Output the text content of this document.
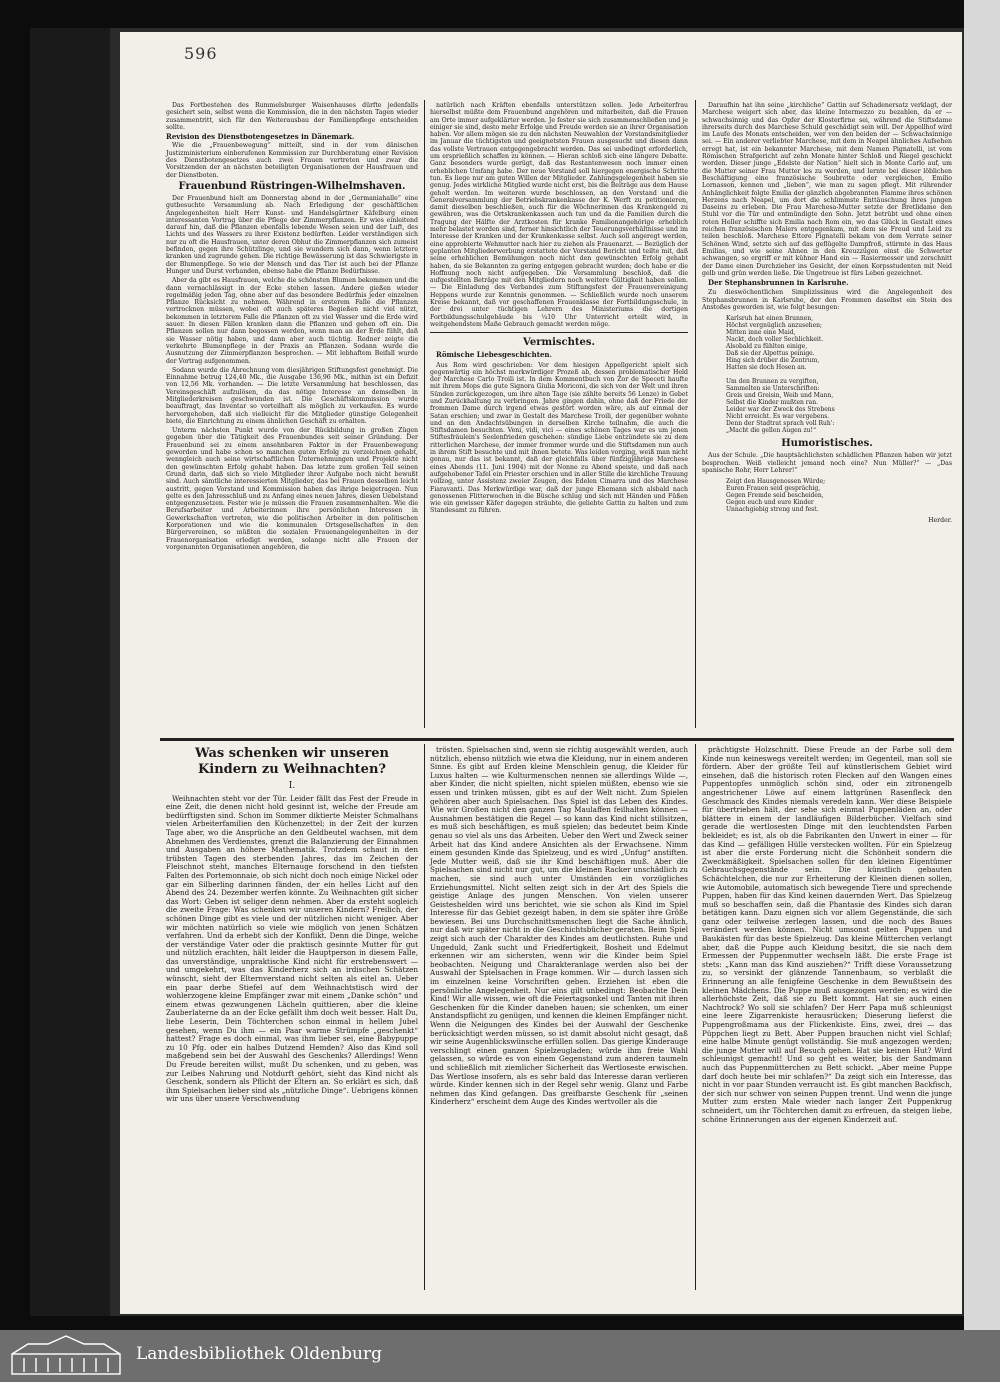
596

Das Fortbestehen des Rummelsburger Waisenhauses dürfte jedenfalls gesichert sein, selbst wenn die Kommission, die in den nächsten Tagen wieder zusammentritt, sich für den Weiterausbau der Familienpflege entscheiden sollte.

Revision des Dienstbotengesetzes in Dänemark.

Wie die „Frauenbewegung“ mitteilt, sind in der vom dänischen Justizministerium einberufenen Kommission zur Durchberatung einer Revision des Dienstbotengesetzes auch zwei Frauen vertreten und zwar die Vorsitzenden der an nächsten beteiligten Organisationen der Hausfrauen und der Dienstboten.

Frauenbund Rüstringen-Wilhelmshaven.

Der Frauenbund hielt am Donnerstag abend in der „Germaniahalle“ eine gutbesuchte Versammlung ab. Nach Erledigung der geschäftlichen Angelegenheiten hielt Herr Kunst- und Handelsgärtner Käfelburg einen interessanten Vortrag über die Pflege der Zimmerpflanzen. Er wies einleitend darauf hin, daß die Pflanzen ebenfalls lebende Wesen seien und der Luft, des Lichts und des Wassers zu ihrer Existenz bedürften. Leider verständigen sich nur zu oft die Hausfrauen, unter deren Obhut die Zimmerpflanzen sich zumeist befinden, gegen ihre Schützlinge, und sie wundern sich dann, wenn letztere kranken und zugrunde gehen. Die richtige Bewässerung ist das Schwierigste in der Blumenpflege. So wie der Mensch und das Tier ist auch bei der Pflanze Hunger und Durst vorhanden, ebenso habe die Pflanze Bedürfnisse.

Aber da gibt es Hausfrauen, welche die schönsten Blumen bekommen und die dann vernachlässigt in der Ecke stehen lassen. Andere gießen wieder regelmäßig jeden Tag, ohne aber auf das besondere Bedürfnis jeder einzelnen Pflanze Rücksicht zu nehmen. Während in ersterem Falle die Pflanzen vertrocknen müssen, wobei oft auch späteres Begießen nicht viel nützt, bekommen in letzterem Falle die Pflanzen oft zu viel Wasser und die Erde wird sauer. In diesen Fällen kranken dann die Pflanzen und gehen oft ein. Die Pflanzen sollen nur dann begossen werden, wenn man an der Erde fühlt, daß sie Wasser nötig haben, und dann aber auch tüchtig. Redner zeigte die verkehrte Blumenpflege in der Praxis an Pflanzen. Sodann wurde die Ausnutzung der Zimmerpflanzen besprochen. — Mit lebhaftem Beifall wurde der Vortrag aufgenommen.

Sodann wurde die Abrechnung vom diesjährigen Stiftungsfest genehmigt. Die Einnahme betrug 124,40 Mk., die Ausgabe 136,96 Mk., mithin ist ein Defizit von 12,56 Mk. vorhanden. — Die letzte Versammlung hat beschlossen, das Vereinsgeschäft aufzulösen, da das nötige Interesse an demselben in Mitgliederkreisen geschwunden ist. Die Geschäftskommission wurde beauftragt, das Inventar so vorteilhaft als möglich zu verkaufen. Es wurde hervorgehoben, daß sich vielleicht für die Mitglieder günstige Gelegenheit biete, die Einrichtung zu einem ähnlichen Geschäft zu erhalten.

Unterm nächsten Punkt wurde von der Rückbildung in großen Zügen gegeben über die Tätigkeit des Frauenbundes seit seiner Gründung. Der Frauenbund sei zu einem ansehnbaren Faktor in der Frauenbewegung geworden und habe schon so manchen guten Erfolg zu verzeichnen gehabt, wenngleich auch seine wirtschaftlichen Unternehmungen und Projekte nicht den gewünschten Erfolg gehabt haben. Das letzte zum großen Teil seinen Grund darin, daß sich so viele Mitglieder ihrer Aufgabe noch nicht bewußt sind. Auch sämtliche interessierten Mitglieder, das bei Frauen desselben leicht austritt, gegen Vorstand und Kommission haben das ihrige beigetragen. Nun gelte es den Jahresschluß und zu Anfang eines neuen Jahres, diesen Uebelstand entgegenzusetzen. Fester wie je müssen die Frauen zusammenhalten. Wie die Berufsarbeiter und Arbeiterinnen ihre persönlichen Interessen in Gewerkschaften vertreten, wie die politischen Arbeiter in den politischen Korporationen und wie die kommunalen Ortsgesellschaften in den Bürgervereinen, so müßten die sozialen Frauenangelegenheiten in der Frauenorganisation erledigt werden, solange nicht alle Frauen der vorgenannten Organisationen angehören, die

natürlich nach Kräften ebenfalls unterstützen sollen. Jede Arbeiterfrau hierselbst müßte dem Frauenbund angehören und mitarbeiten, daß die Frauen am Orte immer aufgeklärter werden. Je fester sie sich zusammenschließen und je einiger sie sind, desto mehr Erfolge und Freude werden sie an ihrer Organisation haben. Vor allem mögen sie zu den nächsten Neuwahlen der Vorstandsmitglieder im Januar die tüchtigsten und geeignetsten Frauen ausgesucht und diesen dann das vollste Vertrauen entgegengebracht werden. Das sei unbedingt erforderlich, um ersprießlich schaffen zu können. — Hieran schloß sich eine längere Debatte. Ganz besonders wurde gerügt, daß das Restantenwesen noch immer einen erheblichen Umfang habe. Der neue Vorstand soll hiergegen energische Schritte tun. Es liege nur am guten Willen der Mitglieder. Zahlungsgelegenheit haben sie genug. Jedes wirkliche Mitglied wurde nicht erst, bis die Beiträge aus dem Hause geholt werden. Im weiteren wurde beschlossen, an den Vorstand und die Generalversammlung der Betriebskrankenkasse der K. Werft zu petitionieren, damit dieselben beschließen, auch für die Wöchnerinnen das Krankengeld zu gewähren, was die Ortskrankenkassen auch tun und da die Familien durch die Tragung der Hälfte der Arztkosten für kranke Familienangehörige erheblich mehr belastet worden sind, ferner hinsichtlich der Teuerungsverhältnisse und im Interesse der Kranken und der Krankenkasse selbst. Auch soll angeregt werden, eine approbierte Wehmutter nach hier zu ziehen als Frauenarzt. — Bezüglich der geplanten Mitgliederwerbung erstattete der Vorstand Bericht und teilte mit, daß seine erheblichen Bemühungen noch nicht den gewünschten Erfolg gehabt haben, da sie Bekannten zu gering entgegen gebracht wurden; doch habe er die Hoffnung noch nicht aufgegeben. Die Versammlung beschloß, daß die aufgestellten Beträge mit den Mitgliedern noch weitere Gültigkeit haben sollen. — Die Einladung des Verbandes zum Stiftungsfest der Frauenvereinigung Heppens wurde zur Kenntnis genommen. — Schließlich wurde noch unserem Kreise bekannt, daß vor geschaffenen Frauenklasse der Fortbildungsschule, in der drei unter tüchtigen Lehrern des Ministeriums die dortigen Fortbildungsschulgebäude bis ¼10 Uhr Unterricht erteilt wird, in weitgehendstem Maße Gebrauch gemacht werden möge.

Vermischtes.

Römische Liebesgeschichten.

Aus Rom wird geschrieben: Vor dem hiesigen Appellgericht spielt sich gegenwärtig ein höchst merkwürdiger Prozeß ab, dessen problematischer Held der Marchese Carlo Troili ist. In dem Kommentbuch von Zor de Speceti haufte mit ihrem Mops die gute Signora Giulia Moriconi, die sich von der Welt und ihren Sünden zurückgezogen, um ihre alten Tage (sie zählte bereits 56 Lenze) in Gebet und Zurückhaltung zu verbringen. Jahre gingen dahin, ohne daß der Friede der frommen Dame durch irgend etwas gestört worden wäre, als auf einmal der Satan erschien; und zwar in Gestalt des Marchese Troili, der gegenüber wohnte und an den Andachtsübungen in derselben Kirche teilnahm, die auch die Stiftsdamen besuchten. Veni, vidi, vici — eines schönen Tages war es um jenen Stiftesfräulein's Seelenfrieden geschehen: sündige Liebe entzündete sie zu dem ritterlichen Marchese, der immer frommer wurde und die Stiftsdamen nun auch in ihrem Stift besuchte und mit ihnen betete. Was leiden vorging, weiß man nicht genau, nur das ist bekannt, daß der gleichfalls über fünfzigjährige Marchese eines Abends (11. Juni 1904) mit der Nonne zu Abend speiste, und daß nach aufgehobener Tafel ein Priester erschien und in aller Stille die kirchliche Trauung vollzog, unter Assistenz zweier Zeugen, des Edelen Cimarra und des Marchese Fiaravanti. Das Merkwürdige war, daß der junge Ehemann sich alsbald nach genossenen Flitterwochen in die Büsche schlug und sich mit Händen und Füßen wie ein gewisser Käfer dagegen sträubte, die geliebte Gattin zu halten und zum Standesamt zu führen.

Daraufhin hat ihn seine „kirchliche“ Gattin auf Schadenersatz verklagt, der Marchese weigert sich aber, das kleine Intermezzo zu bezahlen, da er — schwachsinnig und das Opfer der Klosterfirne sei, während die Stiftsdame ihrerseits durch des Marchese Schuld geschädigt sein will. Der Appellhof wird im Laufe des Monats entscheiden, wer von den beiden der — Schwachsinnige sei. — Ein anderer verliebter Marchese, mit dem in Neapel ähnliches Aufsehen erregt hat, ist ein bekannter Marchese, mit dem Namen Pignatelli, ist vom Römischen Strafgericht auf zehn Monate hinter Schloß und Riegel geschickt worden. Dieser junge „Edelste der Nation“ hielt sich in Monte Carlo auf, um die Mutter seiner Frau Mutter los zu werden, und lernte bei dieser löblichen Beschäftigung eine französische Soubrette oder vergleichen, Emilio Lornasson, kennen und „lieben“, wie man zu sagen pflegt. Mit rührender Anhänglichkeit folgte Emilia der gänzlich abgebrannten Flamme ihres schönen Herzens nach Neapel, um dort die schlimmste Enttäuschung ihres jungen Daseins zu erleben. Die Frau Marchesa-Mutter setzte der Bretlidame den Stuhl vor die Tür und entmündigte den Sohn. Jetzt betrübt und ohne einen roten Heller schiffte sich Emilia nach Rom ein, wo das Glück in Gestalt eines reichen französischen Malers entgegenkam, mit dem sie Freud und Leid zu teilen beschloß. Marchese Ettore Pignatelli bekam von dem Verrate seiner Schönen Wind, setzte sich auf das geflügelte Dampfroß, stürmte in das Haus Emilias, und wie seine Ahnen in den Kreuzzügen einst die Schwerter schwangen, so ergriff er mit kühner Hand ein — Rasiermesser und zerschnitt der Dame einen Durchzieher ins Gesicht, der einen Korpsstudenten mit Neid gelb und grün werden ließe. Die Ungetreue ist fürs Leben gezeichnet.

Der Stephansbrunnen in Karlsruhe.

Zu dieswöchentlichen Simplizissimus wird die Angelegenheit des Stephansbrunnen in Karlsruhe, der den Frommen daselbst ein Stein des Anstoßes geworden ist, wie folgt besungen:

Karlsruh hat einen Brunnen,
Höchst vergnüglich anzusehen;
Mitten inne eine Maid,
Nackt, doch voller Sechlichkeit.
Alsobald zu fühlten einige,
Daß sie der Alpettus peinige.
Hing sich drüber die Zentrum,
Hatten sie doch Hosen an.

Um den Brunnen zu vergiften,
Sammelten sie Unterschriften:
Greis und Greisin, Weib und Mann,
Selbst die Kinder mußten ran.
Leider war der Zweck des Strebens
Nicht erreicht. Es war vergebens.
Denn der Stadtrat sprach voll Ruh':
„Macht die gellen Augen zu!“

Humoristisches.

Aus der Schule. „Die hauptsächlichsten schädlichen Pflanzen haben wir jetzt besprochen. Weiß vielleicht jemand noch eine? Nun Müller?“ — „Das spanische Rohr, Herr Lehrer!“

Zeigt den Hausgenossen Würde;
Euren Frauen seid gesprächig,
Gegen Fremde seid bescheiden,
Gegen euch und eure Kinder
Unnachgiebig streng und fest.

Herder.

Was schenken wir unseren Kindern zu Weihnachten?
I.

Weihnachten steht vor der Tür. Leider fällt das Fest der Freude in eine Zeit, die denen nicht hold gesinnt ist, welche der Freude am bedürftigsten sind. Schon im Sommer diktierte Meister Schmalhans vielen Arbeiterfamilien den Küchenzettel; in der Zeit der kurzen Tage aber, wo die Ansprüche an den Geldbeutel wachsen, mit dem Abnehmen des Verdienstes, grenzt die Balanzierung der Einnahmen und Ausgaben an höhere Mathematik. Trotzdem schaut in den trübsten Tagen des sterbenden Jahres, das im Zeichen der Fleischnot steht, manches Elternauge forschend in den tiefsten Falten des Portemonnaie, ob sich nicht doch noch einige Nickel oder gar ein Silberling darinnen fänden, der ein helles Licht auf den Abend des 24. Dezember werfen könnte. Zu Weihnachten gilt sicher das Wort: Geben ist seliger denn nehmen. Aber da ersteht sogleich die zweite Frage: Was schenken wir unseren Kindern? Freilich, der schönen Dinge gibt es viele und der nützlichen nicht weniger. Aber wir möchten natürlich so viele wie möglich von jenen Schätzen verfahren. Und da erhebt sich der Konflikt. Denn die Dinge, welche der verständige Vater oder die praktisch gesinnte Mutter für gut und nützlich erachten, hält leider die Hauptperson in diesem Falle, das unverständige, unpraktische Kind nicht für erstrebenswert — und umgekehrt, was das Kinderherz sich an irdischen Schätzen wünscht, sieht der Elternverstand nicht selten als eitel an. Ueber ein paar derbe Stiefel auf dem Weihnachtstisch wird der wohlerzogene kleine Empfänger zwar mit einem „Danke schön“ und einem etwas gezwungenen Lächeln quittieren, aber die kleine Zauberlaterne da an der Ecke gefällt ihm doch weit besser. Halt Du, liebe Leserin, Dein Töchterchen schon einmal in hellem Jubel gesehen, wenn Du ihm — ein Paar warme Strümpfe „geschenkt“ hattest? Frage es doch einmal, was ihm lieber sei, eine Babypuppe zu 10 Pfg. oder ein halbes Dutzend Hemden? Also das Kind soll maßgebend sein bei der Auswahl des Geschenks? Allerdings! Wenn Du Freude bereiten willst, mußt Du schenken, und zu geben, was zur Leibes Nahrung und Notdurft gehört, sieht das Kind nicht als Geschenk, sondern als Pflicht der Eltern an. So erklärt es sich, daß ihm Spielsachen lieber sind als „nützliche Dinge“. Uebrigens können wir uns über unsere Verschwendung

trösten. Spielsachen sind, wenn sie richtig ausgewählt werden, auch nützlich, ebenso nützlich wie etwa die Kleidung, nur in einem anderen Sinne. Es gibt auf Erden kleine Menschlein genug, die Kleider für Luxus halten — wie Kulturmenschen nennen sie allerdings Wilde —, aber Kinder, die nicht spielten, nicht spielen müßten, ebenso wie sie essen und trinken müssen, gibt es auf der Welt nicht. Zum Spielen gehören aber auch Spielsachen. Das Spiel ist das Leben des Kindes. Wie wir Großen nicht den ganzen Tag Maulaffen feilhalten können — Ausnahmen bestätigen die Regel — so kann das Kind nicht stillsitzen, es muß sich beschäftigen, es muß spielen; das bedeutet beim Kinde genau so viel als uns das Arbeiten. Ueber den Wert und Zweck seiner Arbeit hat das Kind andere Ansichten als der Erwachsene. Nimm einem gesunden Kinde das Spielzeug, und es wird „Unfug“ anstiften. Jede Mutter weiß, daß sie ihr Kind beschäftigen muß. Aber die Spielsachen sind nicht nur gut, um die kleinen Racker unschädlich zu machen, sie sind auch unter Umständen ein vorzügliches Erziehungsmittel. Nicht selten zeigt sich in der Art des Spiels die geistige Anlage des jungen Menschen. Von vielen unserer Geisteshelden wird uns berichtet, wie sie schon als Kind im Spiel Interesse für das Gebiet gezeigt haben, in dem sie später ihre Größe bewiesen. Bei uns Durchschnittsmenschen liegt die Sache ähnlich, nur daß wir später nicht in die Geschichtsbücher geraten. Beim Spiel zeigt sich auch der Charakter des Kindes am deutlichsten. Ruhe und Ungeduld, Zank sucht und Friedfertigkeit, Bosheit und Edelmut erkennen wir am sichersten, wenn wir die Kinder beim Spiel beobachten. Neigung und Charakteranlage werden also bei der Auswahl der Spielsachen in Frage kommen. Wir — durch lassen sich im einzelnen keine Vorschriften geben. Erziehen ist eben die persönliche Angelegenheit. Nur eins gilt unbedingt: Beobachte Dein Kind! Wir alle wissen, wie oft die Feiertagsonkel und Tanten mit ihren Geschenken für die Kinder daneben hauen; sie schenken, um einer Anstandspflicht zu genügen, und kennen die kleinen Empfänger nicht. Wenn die Neigungen des Kindes bei der Auswahl der Geschenke berücksichtigt werden müssen, so ist damit absolut nicht gesagt, daß wir seine Augenblickswünsche erfüllen sollen. Das gierige Kinderauge verschlingt einen ganzen Spielzeugladen; würde ihm freie Wahl gelassen, so würde es von einem Gegenstand zum anderen taumeln und schließlich mit ziemlicher Sicherheit das Wertloseste erwischen. Das Wertlose insofern, als es sehr bald das Interesse daran verlieren würde. Kinder kennen sich in der Regel sehr wenig. Glanz und Farbe nehmen das Kind gefangen. Das greifbarste Geschenk für „seinen Kinderherz“ erscheint dem Auge des Kindes wertvoller als die

prächtigste Holzschnitt. Diese Freude an der Farbe soll dem Kinde nun keineswegs vereitelt werden; im Gegenteil, man soll sie fördern. Aber der größte Teil auf künstlerischem Gebiet wird einsehen, daß die historisch roten Flecken auf den Wangen eines Puppentopfes unmöglich schön sind, oder ein zitronengelb angestrichener Löwe auf einem lattgrünen Rasenfleck den Geschmack des Kindes niemals veredeln kann. Wer diese Beispiele für übertrieben hält, der sehe sich einmal Puppenläden an, oder blättere in einem der landläufigen Bilderbücher. Vielfach sind gerade die wertlosesten Dinge mit den leuchtendsten Farben bekleidet; es ist, als ob die Fabrikanten den Unwert in einer — für das Kind — gefälligen Hülle verstecken wollten. Für ein Spielzeug ist aber die erste Forderung nicht die Schönheit sondern die Zweckmäßigkeit. Spielsachen sollen für den kleinen Eigentümer Gebrauchsgegenstände sein. Die künstlich gebauten Schächtelchen, die nur zur Erheiterung der Kleinen dienen sollen, wie Automobile, automatisch sich bewegende Tiere und sprechende Puppen, haben für das Kind keinen dauernden Wert. Das Spielzeug muß so beschaffen sein, daß die Phantasie des Kindes sich daran betätigen kann. Dazu eignen sich vor allem Gegenstände, die sich ganz oder teilweise zerlegen lassen, und die noch des Baues verändert werden können. Nicht umsonst gelten Puppen und Baukästen für das beste Spielzeug. Das kleine Mütterchen verlangt aber, daß die Puppe auch Kleidung besitzt, die sie nach dem Ermessen der Puppenmutter wechseln läßt. Die erste Frage ist stets: „Kann man das Kind ausziehen?“ Trifft diese Voraussetzung zu, so versinkt der glänzende Tannenbaum, so verblaßt die Erinnerung an alle fenigfeine Geschenke in dem Bewußtsein des kleinen Mädchens. Die Puppe muß ausgezogen werden; es wird die allerhöchste Zeit, daß sie zu Bett kommt. Hat sie auch einen Nachtrock? Wo soll sie schlafen? Der Herr Papa muß schleunigst eine leere Zigarrenkiste herausrücken; Dieserung lieferst die Puppengroßmama aus der Flickenkiste. Eins, zwei, drei — das Püppchen liegt zu Bett. Aber Puppen brauchen nicht viel Schlaf; eine halbe Minute genügt vollständig. Sie muß angezogen werden; die junge Mutter will auf Besuch gehen. Hat sie keinen Hut? Wird schleunigst gemacht! Und so geht es weiter, bis der Sandmann auch das Puppenmütterchen zu Bett schickt. „Aber meine Puppe darf doch heute bei mir schlafen?“ Da zeigt sich ein Interesse, das nicht in vor paar Stunden verraucht ist. Es gibt manchen Backfisch, der sich nur schwer von seinen Puppen trennt. Und wenn die junge Mutter zum ersten Male wieder nach langer Zeit Puppenkrug schneidert, um ihr Töchterchen damit zu erfreuen, da steigen liebe, schöne Erinnerungen aus der eigenen Kinderzeit auf.

Landesbibliothek Oldenburg
